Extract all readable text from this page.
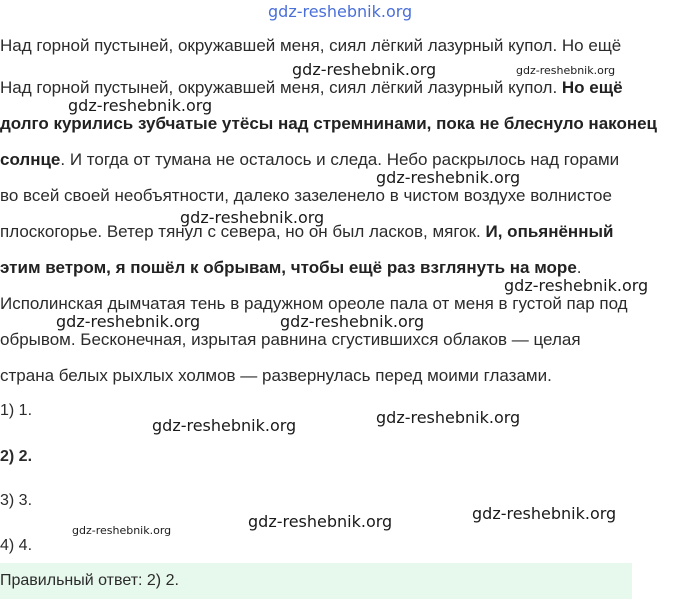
gdz-reshebnik.org
gdz-reshebnik.org	gdz-reshebnik.org
gdz-reshebnik.org
gdz-reshebnik.org
gdz-reshebnik.org
gdz-reshebnik.org
gdz-reshebnik.org	gdz-reshebnik.org
gdz-reshebnik.org
gdz-reshebnik.org
gdz-reshebnik.org
gdz-reshebnik.org
gdz-reshebnik.org
Над горной пустыней, окружавшей меня, сиял лёгкий лазурный купол. Но ещё
Над горной пустыней, окружавшей меня, сиял лёгкий лазурный купол. Но ещё
долго курились зубчатые утёсы над стремнинами, пока не блеснуло наконец
солнце. И тогда от тумана не осталось и следа. Небо раскрылось над горами
во всей своей необъятности, далеко зазеленело в чистом воздухе волнистое
плоскогорье. Ветер тянул с севера, но он был ласков, мягок. И, опьянённый
этим ветром, я пошёл к обрывам, чтобы ещё раз взглянуть на море.
Исполинская дымчатая тень в радужном ореоле пала от меня в густой пар под
обрывом. Бесконечная, изрытая равнина сгустившихся облаков — целая
страна белых рыхлых холмов — развернулась перед моими глазами.
1) 1.
2) 2.
3) 3.
4) 4.
Правильный ответ: 2) 2.
